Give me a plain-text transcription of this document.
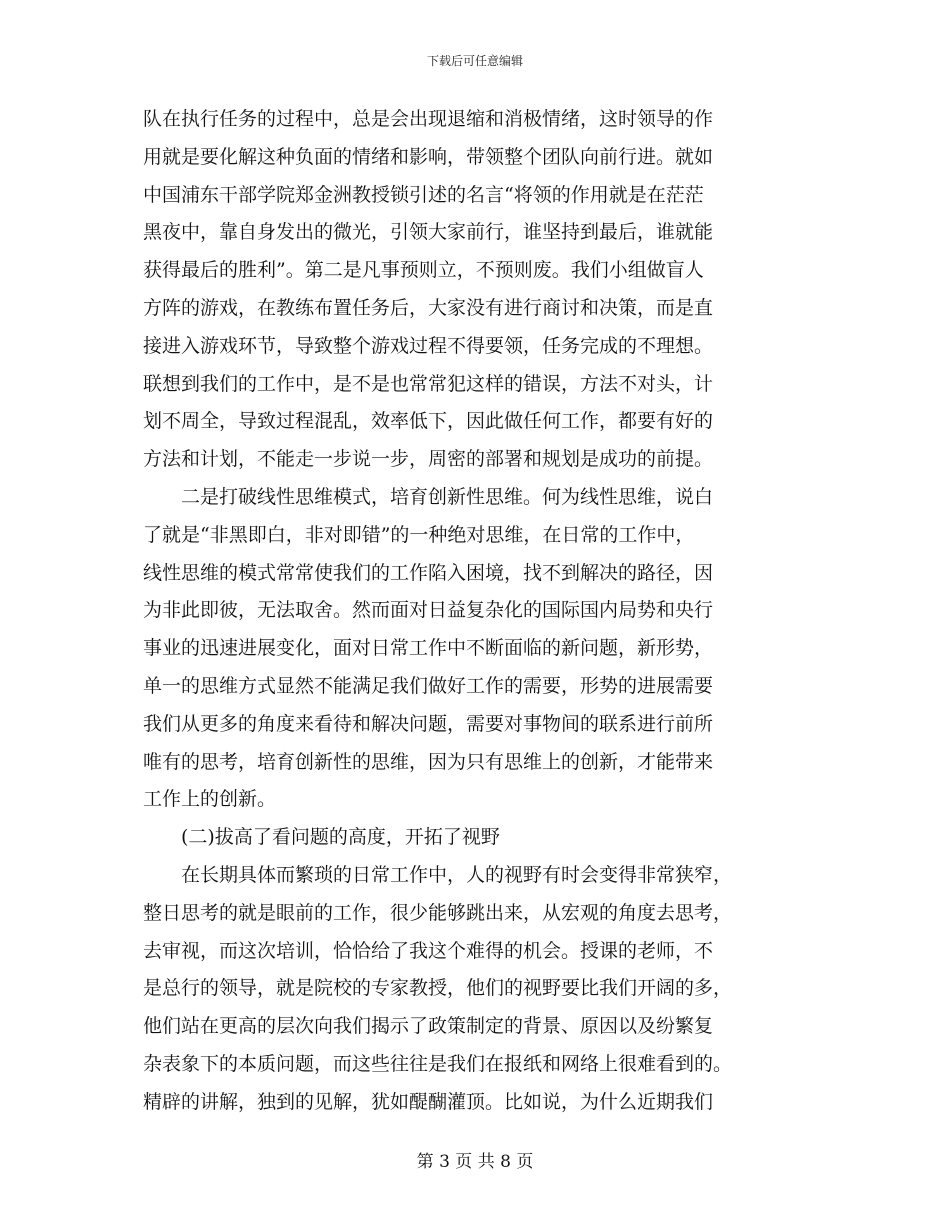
下载后可任意编辑
队在执行任务的过程中，总是会出现退缩和消极情绪，这时领导的作
用就是要化解这种负面的情绪和影响，带领整个团队向前行进。就如
中国浦东干部学院郑金洲教授锁引述的名言“将领的作用就是在茫茫
黑夜中，靠自身发出的微光，引领大家前行，谁坚持到最后，谁就能
获得最后的胜利”。第二是凡事预则立，不预则废。我们小组做盲人
方阵的游戏，在教练布置任务后，大家没有进行商讨和决策，而是直
接进入游戏环节，导致整个游戏过程不得要领，任务完成的不理想。
联想到我们的工作中，是不是也常常犯这样的错误，方法不对头，计
划不周全，导致过程混乱，效率低下，因此做任何工作，都要有好的
方法和计划，不能走一步说一步，周密的部署和规划是成功的前提。
　　二是打破线性思维模式，培育创新性思维。何为线性思维，说白
了就是“非黑即白，非对即错”的一种绝对思维，在日常的工作中，
线性思维的模式常常使我们的工作陷入困境，找不到解决的路径，因
为非此即彼，无法取舍。然而面对日益复杂化的国际国内局势和央行
事业的迅速进展变化，面对日常工作中不断面临的新问题，新形势，
单一的思维方式显然不能满足我们做好工作的需要，形势的进展需要
我们从更多的角度来看待和解决问题，需要对事物间的联系进行前所
唯有的思考，培育创新性的思维，因为只有思维上的创新，才能带来
工作上的创新。
　　(二)拔高了看问题的高度，开拓了视野
　　在长期具体而繁琐的日常工作中，人的视野有时会变得非常狭窄，
整日思考的就是眼前的工作，很少能够跳出来，从宏观的角度去思考，
去审视，而这次培训，恰恰给了我这个难得的机会。授课的老师，不
是总行的领导，就是院校的专家教授，他们的视野要比我们开阔的多，
他们站在更高的层次向我们揭示了政策制定的背景、原因以及纷繁复
杂表象下的本质问题，而这些往往是我们在报纸和网络上很难看到的。
精辟的讲解，独到的见解，犹如醍醐灌顶。比如说，为什么近期我们
第 3 页 共 8 页
